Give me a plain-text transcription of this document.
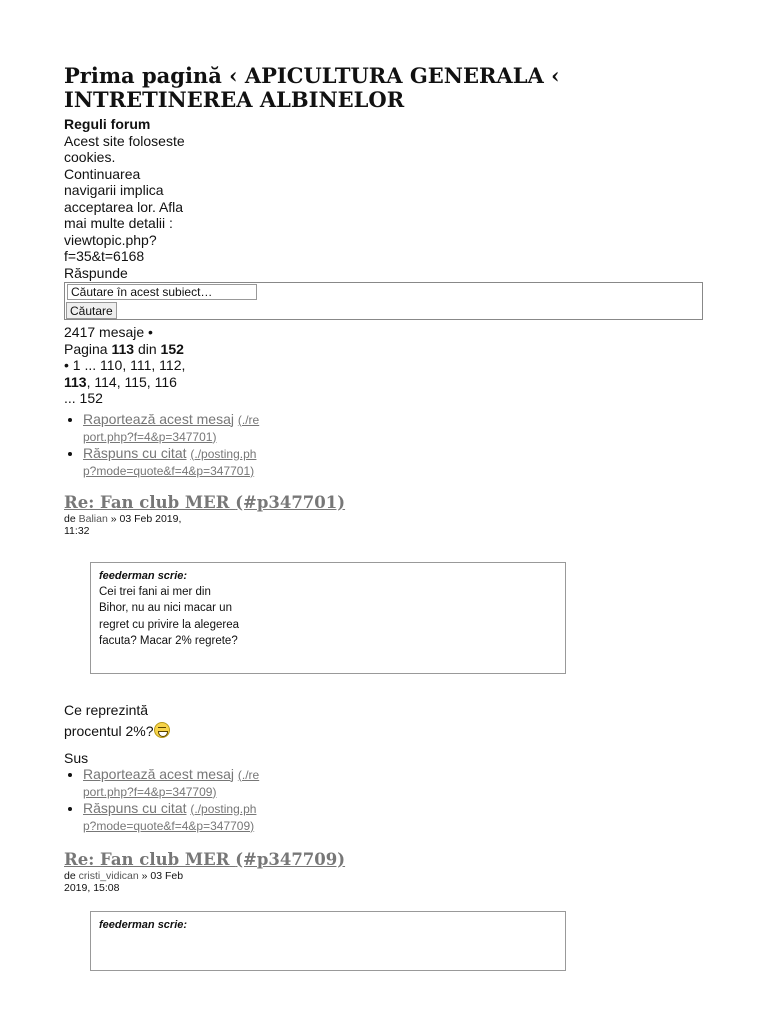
Prima pagină ‹ APICULTURA GENERALA ‹ INTRETINEREA ALBINELOR
Reguli forum
Acest site foloseste cookies. Continuarea navigarii implica acceptarea lor. Afla mai multe detalii : viewtopic.php?f=35&t=6168
Răspunde
Căutare în acest subiect…
Căutare
2417 mesaje • Pagina 113 din 152 • 1 ... 110, 111, 112, 113, 114, 115, 116 ... 152
• Raportează acest mesaj (./report.php?f=4&p=347701)
• Răspuns cu citat (./posting.php?mode=quote&f=4&p=347701)
Re: Fan club MER (#p347701)
de Balian » 03 Feb 2019, 11:32
feederman scrie:
Cei trei fani ai mer din Bihor, nu au nici macar un regret cu privire la alegerea facuta? Macar 2% regrete?
Ce reprezintă procentul 2%?
Sus
• Raportează acest mesaj (./report.php?f=4&p=347709)
• Răspuns cu citat (./posting.php?mode=quote&f=4&p=347709)
Re: Fan club MER (#p347709)
de cristi_vidican » 03 Feb 2019, 15:08
feederman scrie:
